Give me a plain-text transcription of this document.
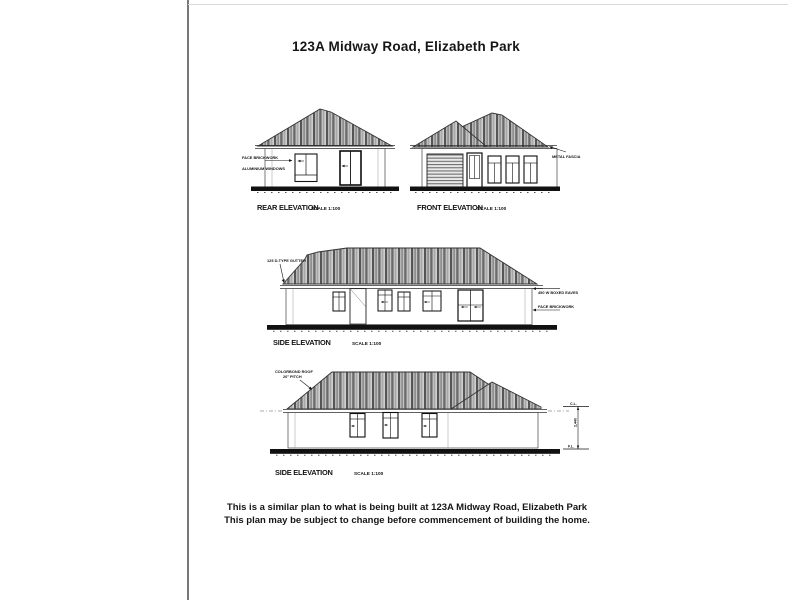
123A Midway Road, Elizabeth Park
FACE BRICKWORK
ALUMINIUM WINDOWS
REAR ELEVATION
SCALE 1:100
METAL FASCIA
FRONT ELEVATION
SCALE 1:100
125 D-TYPE GUTTER
450 W BOXED EAVES
FACE BRICKWORK
SIDE ELEVATION	SCALE 1:100
COLORBOND ROOF
20° PITCH
C.L.
2,440
F.L.
SIDE ELEVATION	SCALE 1:100
This is a similar plan to what is being built at 123A Midway Road, Elizabeth Park
This plan may be subject to change before commencement of building the home.
